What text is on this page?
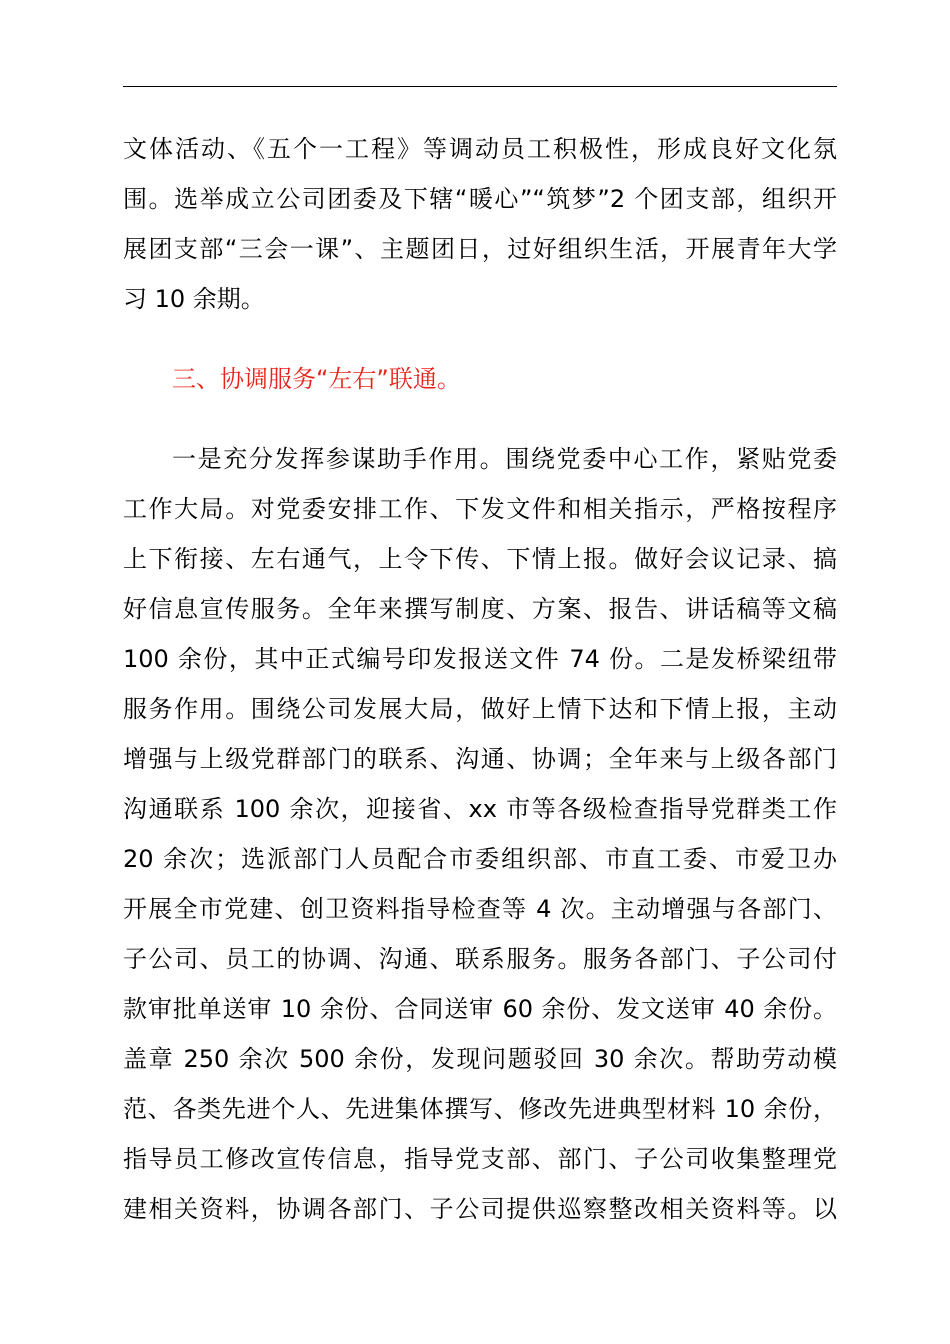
文体活动、《五个一工程》等调动员工积极性，形成良好文化氛
围。选举成立公司团委及下辖“暖心”“筑梦”2 个团支部，组织开
展团支部“三会一课”、主题团日，过好组织生活，开展青年大学
习 10 余期。
三、协调服务“左右”联通。
一是充分发挥参谋助手作用。围绕党委中心工作，紧贴党委
工作大局。对党委安排工作、下发文件和相关指示，严格按程序
上下衔接、左右通气，上令下传、下情上报。做好会议记录、搞
好信息宣传服务。全年来撰写制度、方案、报告、讲话稿等文稿
100 余份，其中正式编号印发报送文件 74 份。二是发桥梁纽带
服务作用。围绕公司发展大局，做好上情下达和下情上报，主动
增强与上级党群部门的联系、沟通、协调；全年来与上级各部门
沟通联系 100 余次，迎接省、xx 市等各级检查指导党群类工作
20 余次；选派部门人员配合市委组织部、市直工委、市爱卫办
开展全市党建、创卫资料指导检查等 4 次。主动增强与各部门、
子公司、员工的协调、沟通、联系服务。服务各部门、子公司付
款审批单送审 10 余份、合同送审 60 余份、发文送审 40 余份。
盖章 250 余次 500 余份，发现问题驳回 30 余次。帮助劳动模
范、各类先进个人、先进集体撰写、修改先进典型材料 10 余份，
指导员工修改宣传信息，指导党支部、部门、子公司收集整理党
建相关资料，协调各部门、子公司提供巡察整改相关资料等。以
